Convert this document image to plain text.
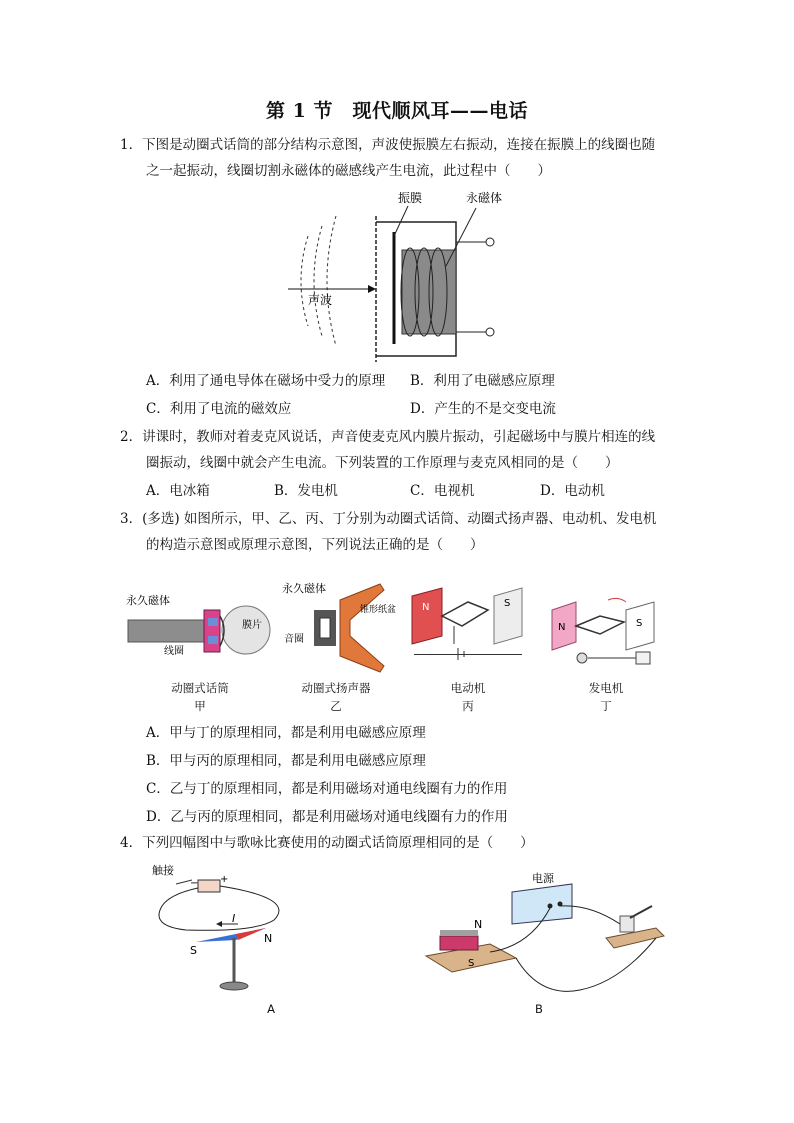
第 1 节　现代顺风耳——电话
1．下图是动圈式话筒的部分结构示意图，声波使振膜左右振动，连接在振膜上的线圈也随
之一起振动，线圈切割永磁体的磁感线产生电流，此过程中（　　）
声波
振膜	永磁体
A．利用了通电导体在磁场中受力的原理 B．利用了电磁感应原理
C．利用了电流的磁效应	D．产生的不是交变电流
2．讲课时，教师对着麦克风说话，声音使麦克风内膜片振动，引起磁场中与膜片相连的线
圈振动，线圈中就会产生电流。下列装置的工作原理与麦克风相同的是（　　）
A．电冰箱	B．发电机	C．电视机	D．电动机
3．(多选) 如图所示，甲、乙、丙、丁分别为动圈式话筒、动圈式扬声器、电动机、发电机
的构造示意图或原理示意图，下列说法正确的是（　　）
膜片
永久磁体
线圈
动圈式话筒
甲
永久磁体
锥形纸盆
音圈
动圈式扬声器
乙
N	S
电动机
丙
N	S
发电机
丁
A．甲与丁的原理相同，都是利用电磁感应原理
B．甲与丙的原理相同，都是利用电磁感应原理
C．乙与丁的原理相同，都是利用磁场对通电线圈有力的作用
D．乙与丙的原理相同，都是利用磁场对通电线圈有力的作用
4．下列四幅图中与歌咏比赛使用的动圈式话筒原理相同的是（　　）
触接
− +
I
S
N
A
电源
N
S
B
